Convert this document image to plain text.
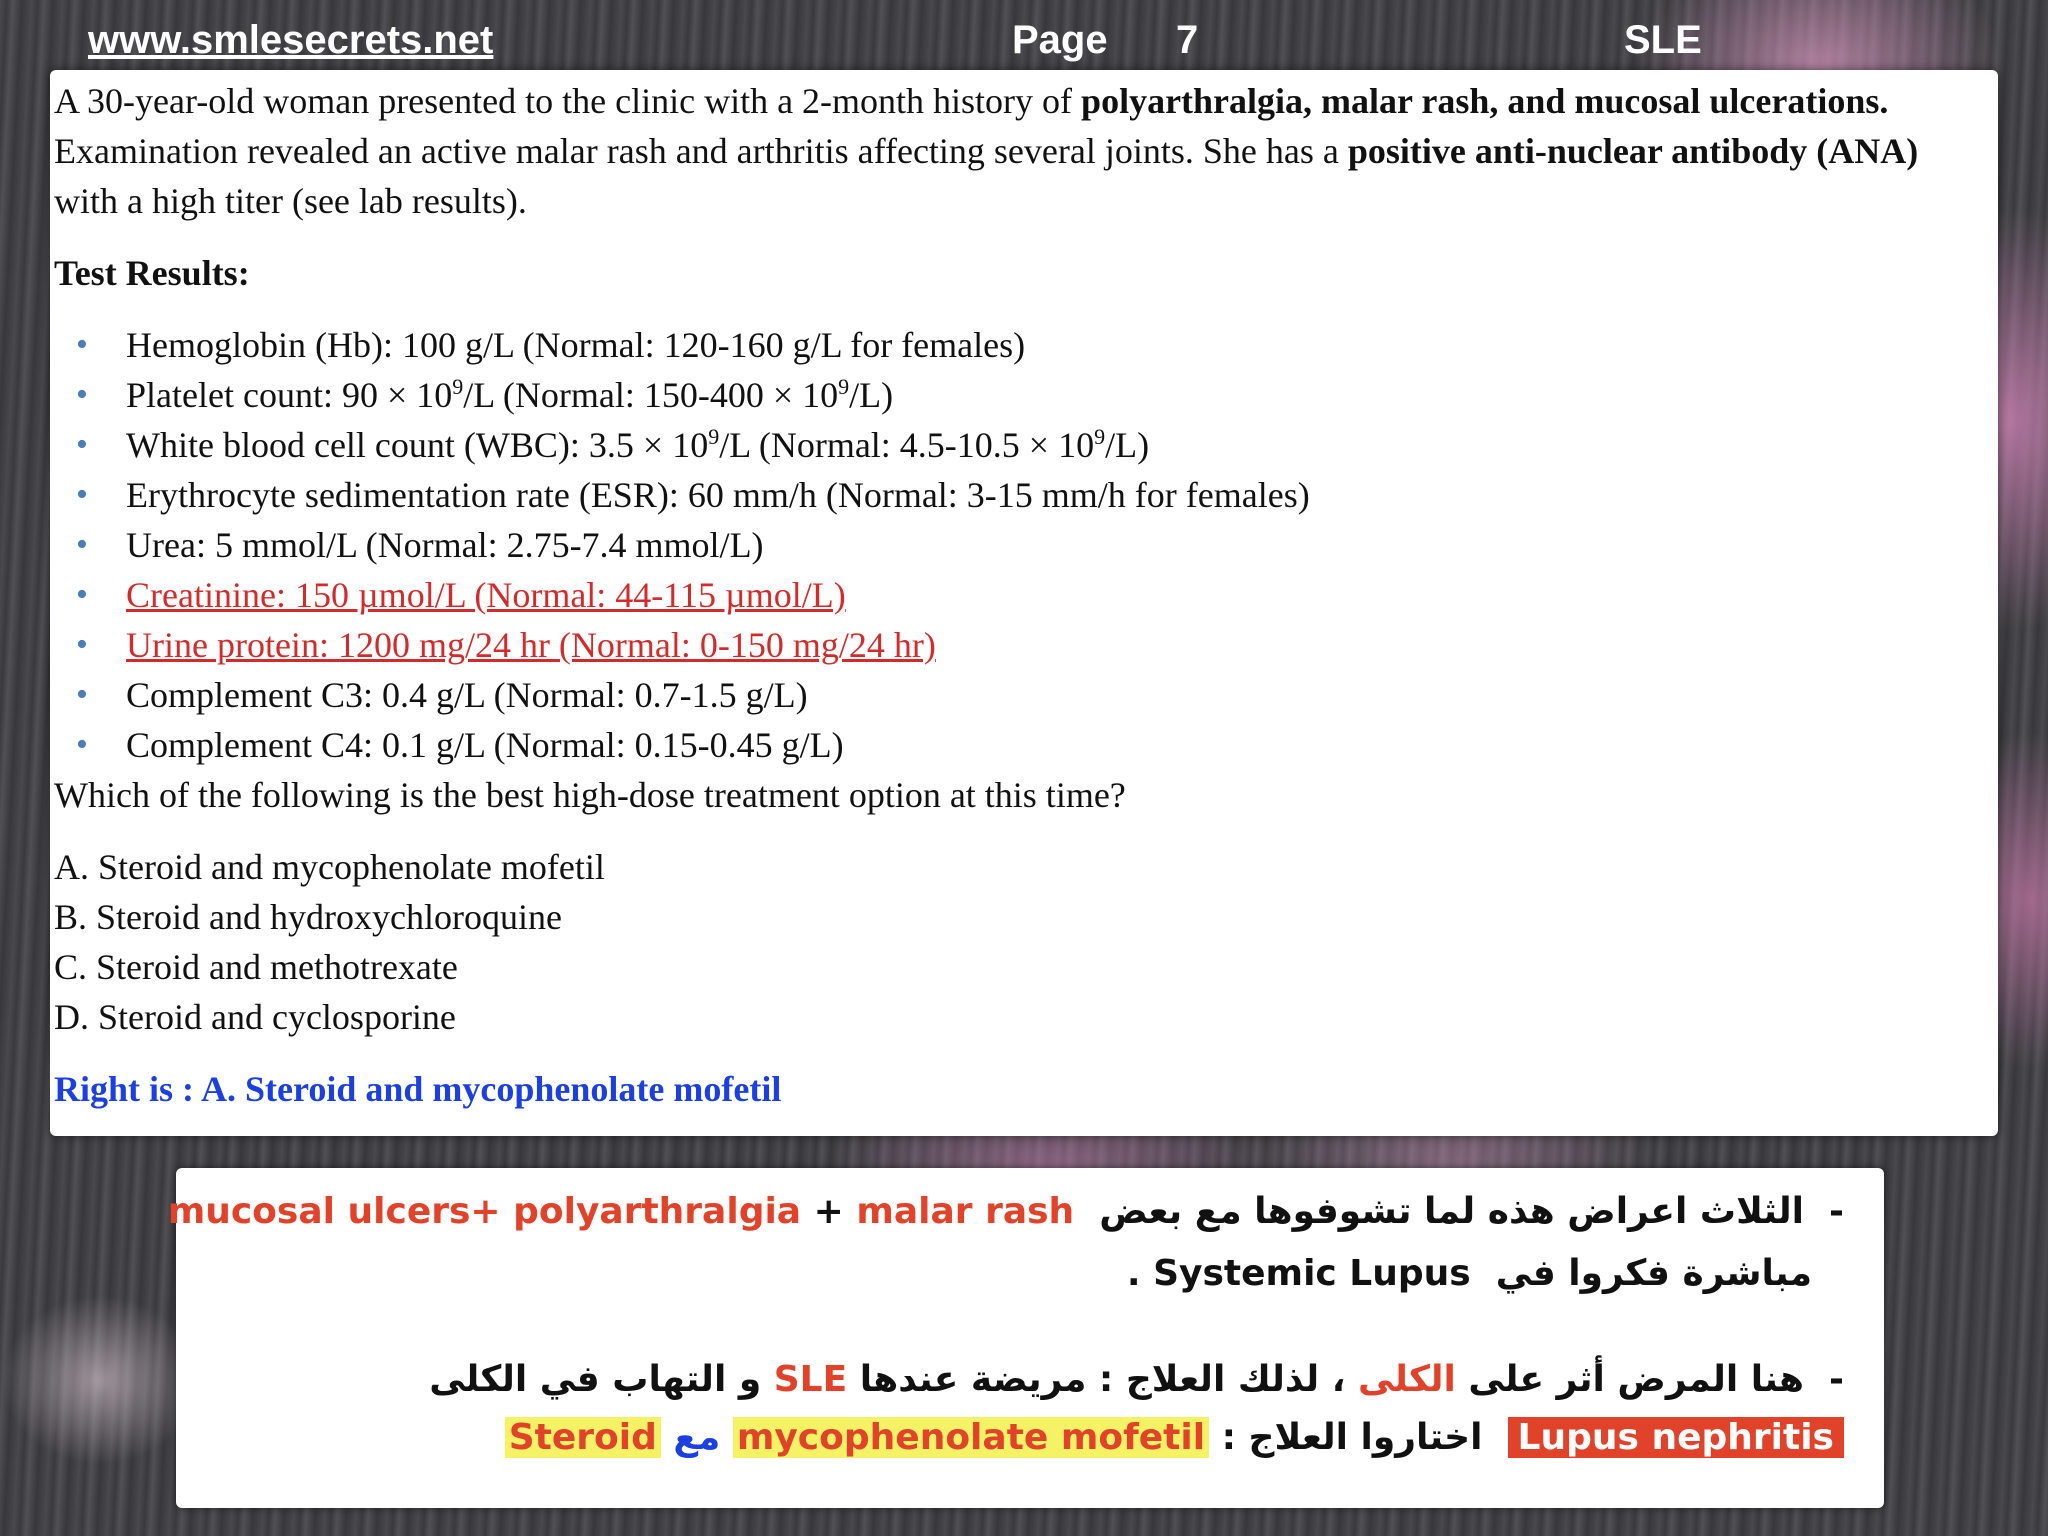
www.smlesecrets.net	Page 7	SLE

A 30-year-old woman presented to the clinic with a 2-month history of polyarthralgia, malar rash, and mucosal ulcerations. Examination revealed an active malar rash and arthritis affecting several joints. She has a positive anti-nuclear antibody (ANA) with a high titer (see lab results).

Test Results:

• Hemoglobin (Hb): 100 g/L (Normal: 120-160 g/L for females)
• Platelet count: $90 \times 10^9/L$ (Normal: $150-400 \times 10^9/L$)
• White blood cell count (WBC): $3.5 \times 10^9/L$ (Normal: $4.5-10.5 \times 10^9/L$)
• Erythrocyte sedimentation rate (ESR): 60 mm/h (Normal: 3-15 mm/h for females)
• Urea: 5 mmol/L (Normal: 2.75-7.4 mmol/L)
• Creatinine: 150 µmol/L (Normal: 44-115 µmol/L)
• Urine protein: 1200 mg/24 hr (Normal: 0-150 mg/24 hr)
• Complement C3: 0.4 g/L (Normal: 0.7-1.5 g/L)
• Complement C4: 0.1 g/L (Normal: 0.15-0.45 g/L)

Which of the following is the best high-dose treatment option at this time?

A. Steroid and mycophenolate mofetil

B. Steroid and hydroxychloroquine

C. Steroid and methotrexate

D. Steroid and cyclosporine

Right is : A. Steroid and mycophenolate mofetil

-  الثلاث اعراض هذه لما تشوفوها مع بعض  mucosal ulcers+ polyarthralgia + malar rash
مباشرة فكروا في  Systemic Lupus .
-  هنا المرض أثر على الكلى ، لذلك العلاج : مريضة عندها SLE و التهاب في الكلى
Lupus nephritis  اختاروا العلاج : mycophenolate mofetil مع Steroid
